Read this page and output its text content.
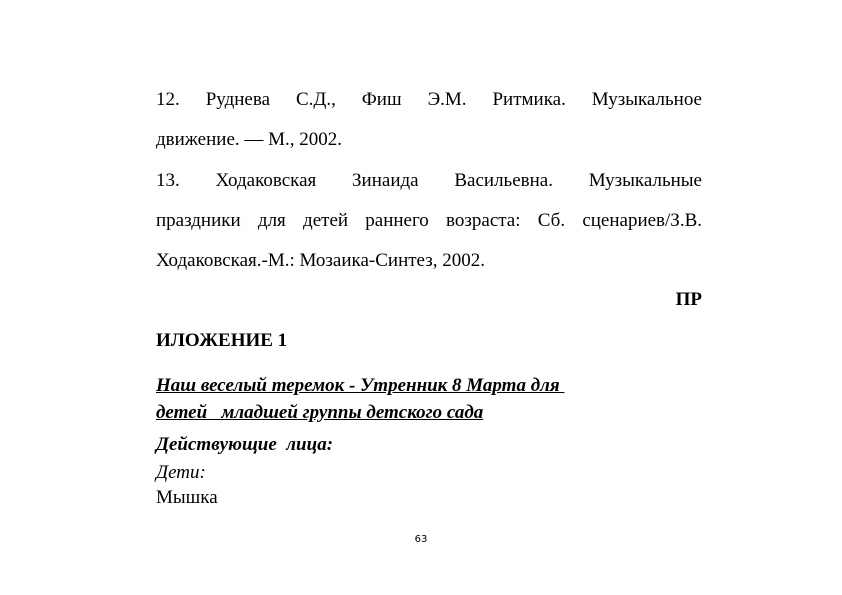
12. Руднева С.Д., Фиш Э.М. Ритмика. Музыкальное
движение. — М., 2002.
13. Ходаковская Зинаида Васильевна. Музыкальные
праздники для детей раннего возраста: Сб. сценариев/З.В.
Ходаковская.-М.: Мозаика-Синтез, 2002.
ПР
ИЛОЖЕНИЕ 1
Наш веселый теремок - Утренник 8 Марта для
детей   младшей группы детского сада
Действующие  лица:
Дети:
Мышка
63
